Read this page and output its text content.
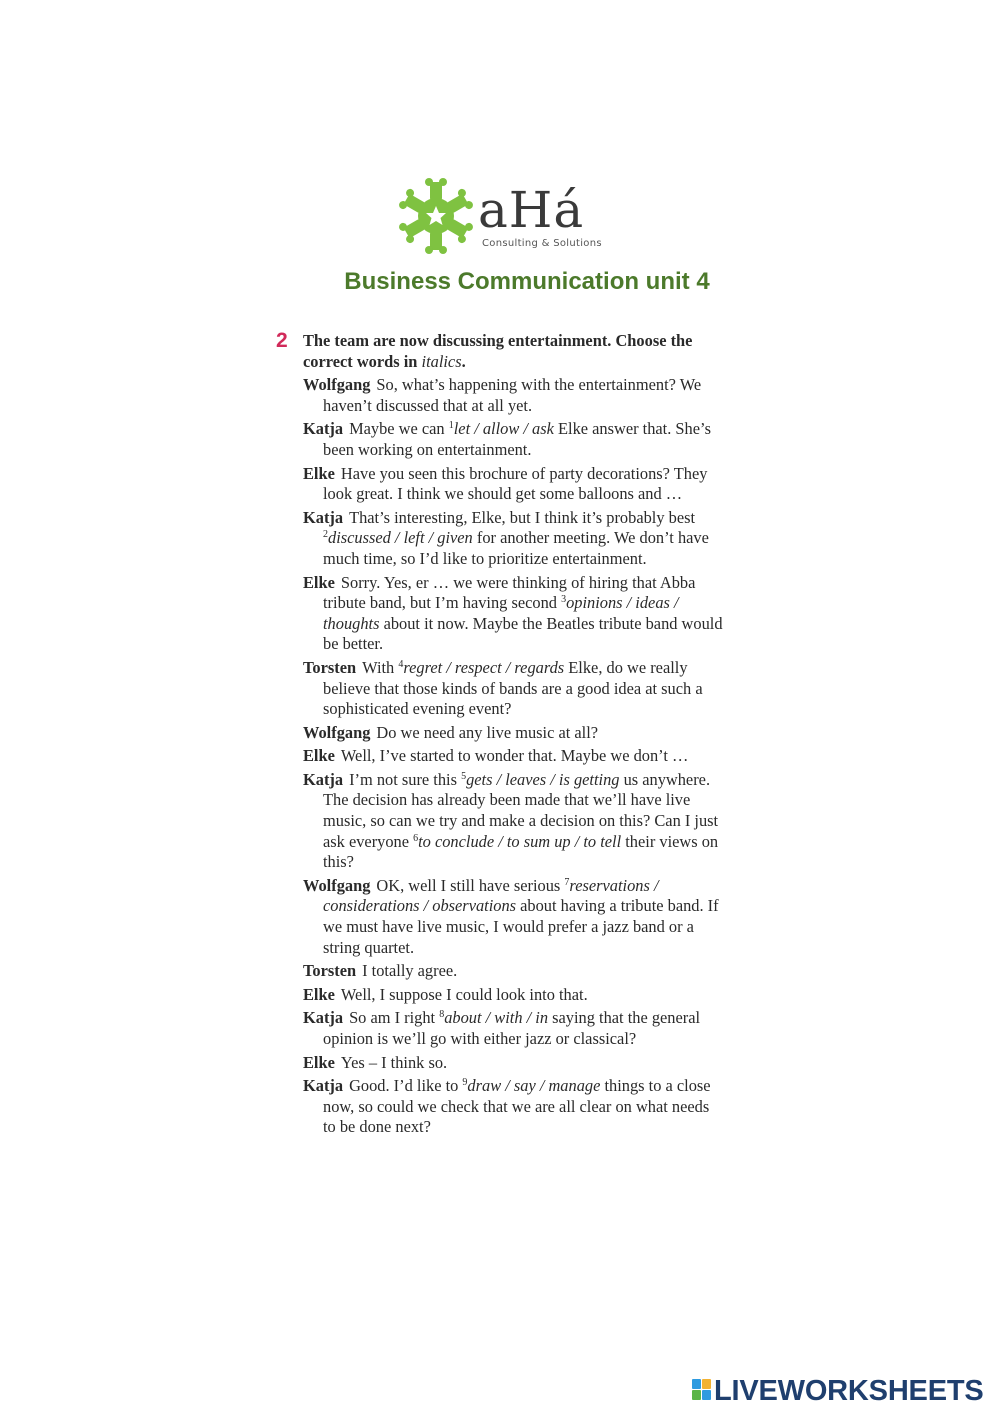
aHá
Consulting & Solutions
Business Communication unit 4
2 The team are now discussing entertainment. Choose the correct words in italics.
Wolfgang So, what’s happening with the entertainment? We haven’t discussed that at all yet.
Katja Maybe we can $^1$let / allow / ask Elke answer that. She’s been working on entertainment.
Elke Have you seen this brochure of party decorations? They look great. I think we should get some balloons and …
Katja That’s interesting, Elke, but I think it’s probably best $^2$discussed / left / given for another meeting. We don’t have much time, so I’d like to prioritize entertainment.
Elke Sorry. Yes, er … we were thinking of hiring that Abba tribute band, but I’m having second $^3$opinions / ideas / thoughts about it now. Maybe the Beatles tribute band would be better.
Torsten With $^4$regret / respect / regards Elke, do we really believe that those kinds of bands are a good idea at such a sophisticated evening event?
Wolfgang Do we need any live music at all?
Elke Well, I’ve started to wonder that. Maybe we don’t …
Katja I’m not sure this $^5$gets / leaves / is getting us anywhere. The decision has already been made that we’ll have live music, so can we try and make a decision on this? Can I just ask everyone $^6$to conclude / to sum up / to tell their views on this?
Wolfgang OK, well I still have serious $^7$reservations / considerations / observations about having a tribute band. If we must have live music, I would prefer a jazz band or a string quartet.
Torsten I totally agree.
Elke Well, I suppose I could look into that.
Katja So am I right $^8$about / with / in saying that the general opinion is we’ll go with either jazz or classical?
Elke Yes – I think so.
Katja Good. I’d like to $^9$draw / say / manage things to a close now, so could we check that we are all clear on what needs to be done next?
LIVEWORKSHEETS
